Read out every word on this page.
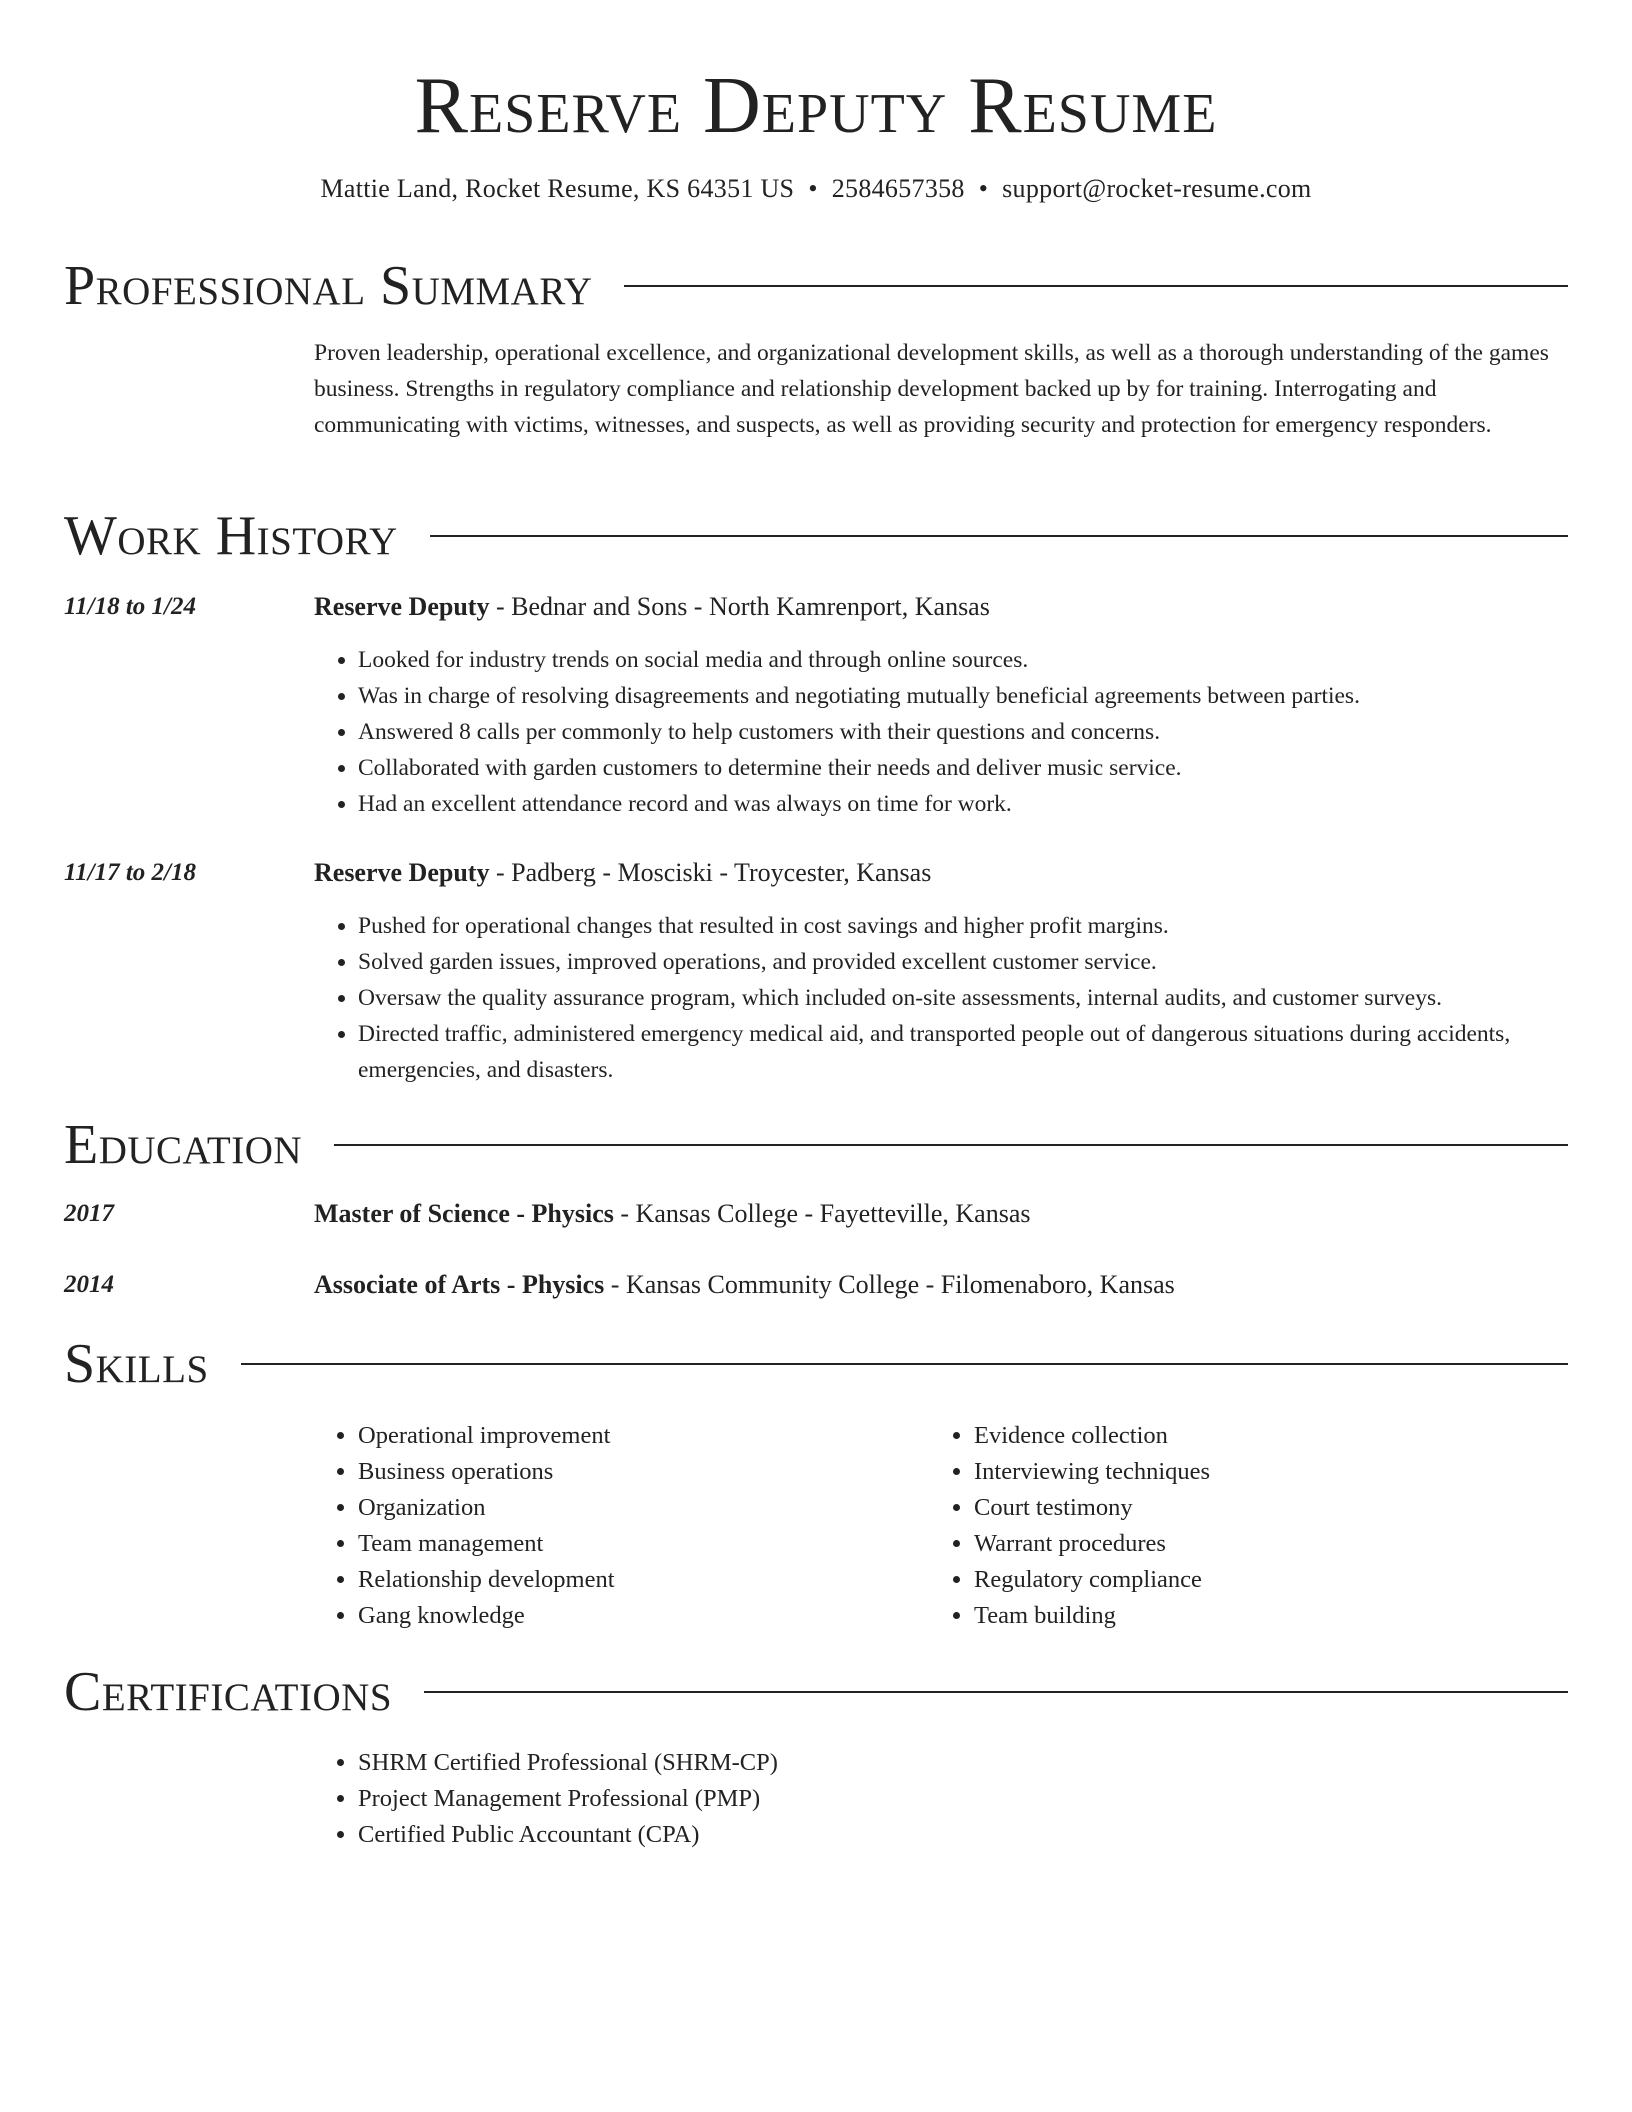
Reserve Deputy Resume
Mattie Land, Rocket Resume, KS 64351 US • 2584657358 • support@rocket-resume.com
Professional Summary
Proven leadership, operational excellence, and organizational development skills, as well as a thorough understanding of the games business. Strengths in regulatory compliance and relationship development backed up by for training. Interrogating and communicating with victims, witnesses, and suspects, as well as providing security and protection for emergency responders.
Work History
11/18 to 1/24	Reserve Deputy - Bednar and Sons - North Kamrenport, Kansas
• Looked for industry trends on social media and through online sources.
• Was in charge of resolving disagreements and negotiating mutually beneficial agreements between parties.
• Answered 8 calls per commonly to help customers with their questions and concerns.
• Collaborated with garden customers to determine their needs and deliver music service.
• Had an excellent attendance record and was always on time for work.
11/17 to 2/18	Reserve Deputy - Padberg - Mosciski - Troycester, Kansas
• Pushed for operational changes that resulted in cost savings and higher profit margins.
• Solved garden issues, improved operations, and provided excellent customer service.
• Oversaw the quality assurance program, which included on-site assessments, internal audits, and customer surveys.
• Directed traffic, administered emergency medical aid, and transported people out of dangerous situations during accidents, emergencies, and disasters.
Education
2017	Master of Science - Physics - Kansas College - Fayetteville, Kansas
2014	Associate of Arts - Physics - Kansas Community College - Filomenaboro, Kansas
Skills
• Operational improvement
• Business operations
• Organization
• Team management
• Relationship development
• Gang knowledge
• Evidence collection
• Interviewing techniques
• Court testimony
• Warrant procedures
• Regulatory compliance
• Team building
Certifications
• SHRM Certified Professional (SHRM-CP)
• Project Management Professional (PMP)
• Certified Public Accountant (CPA)
